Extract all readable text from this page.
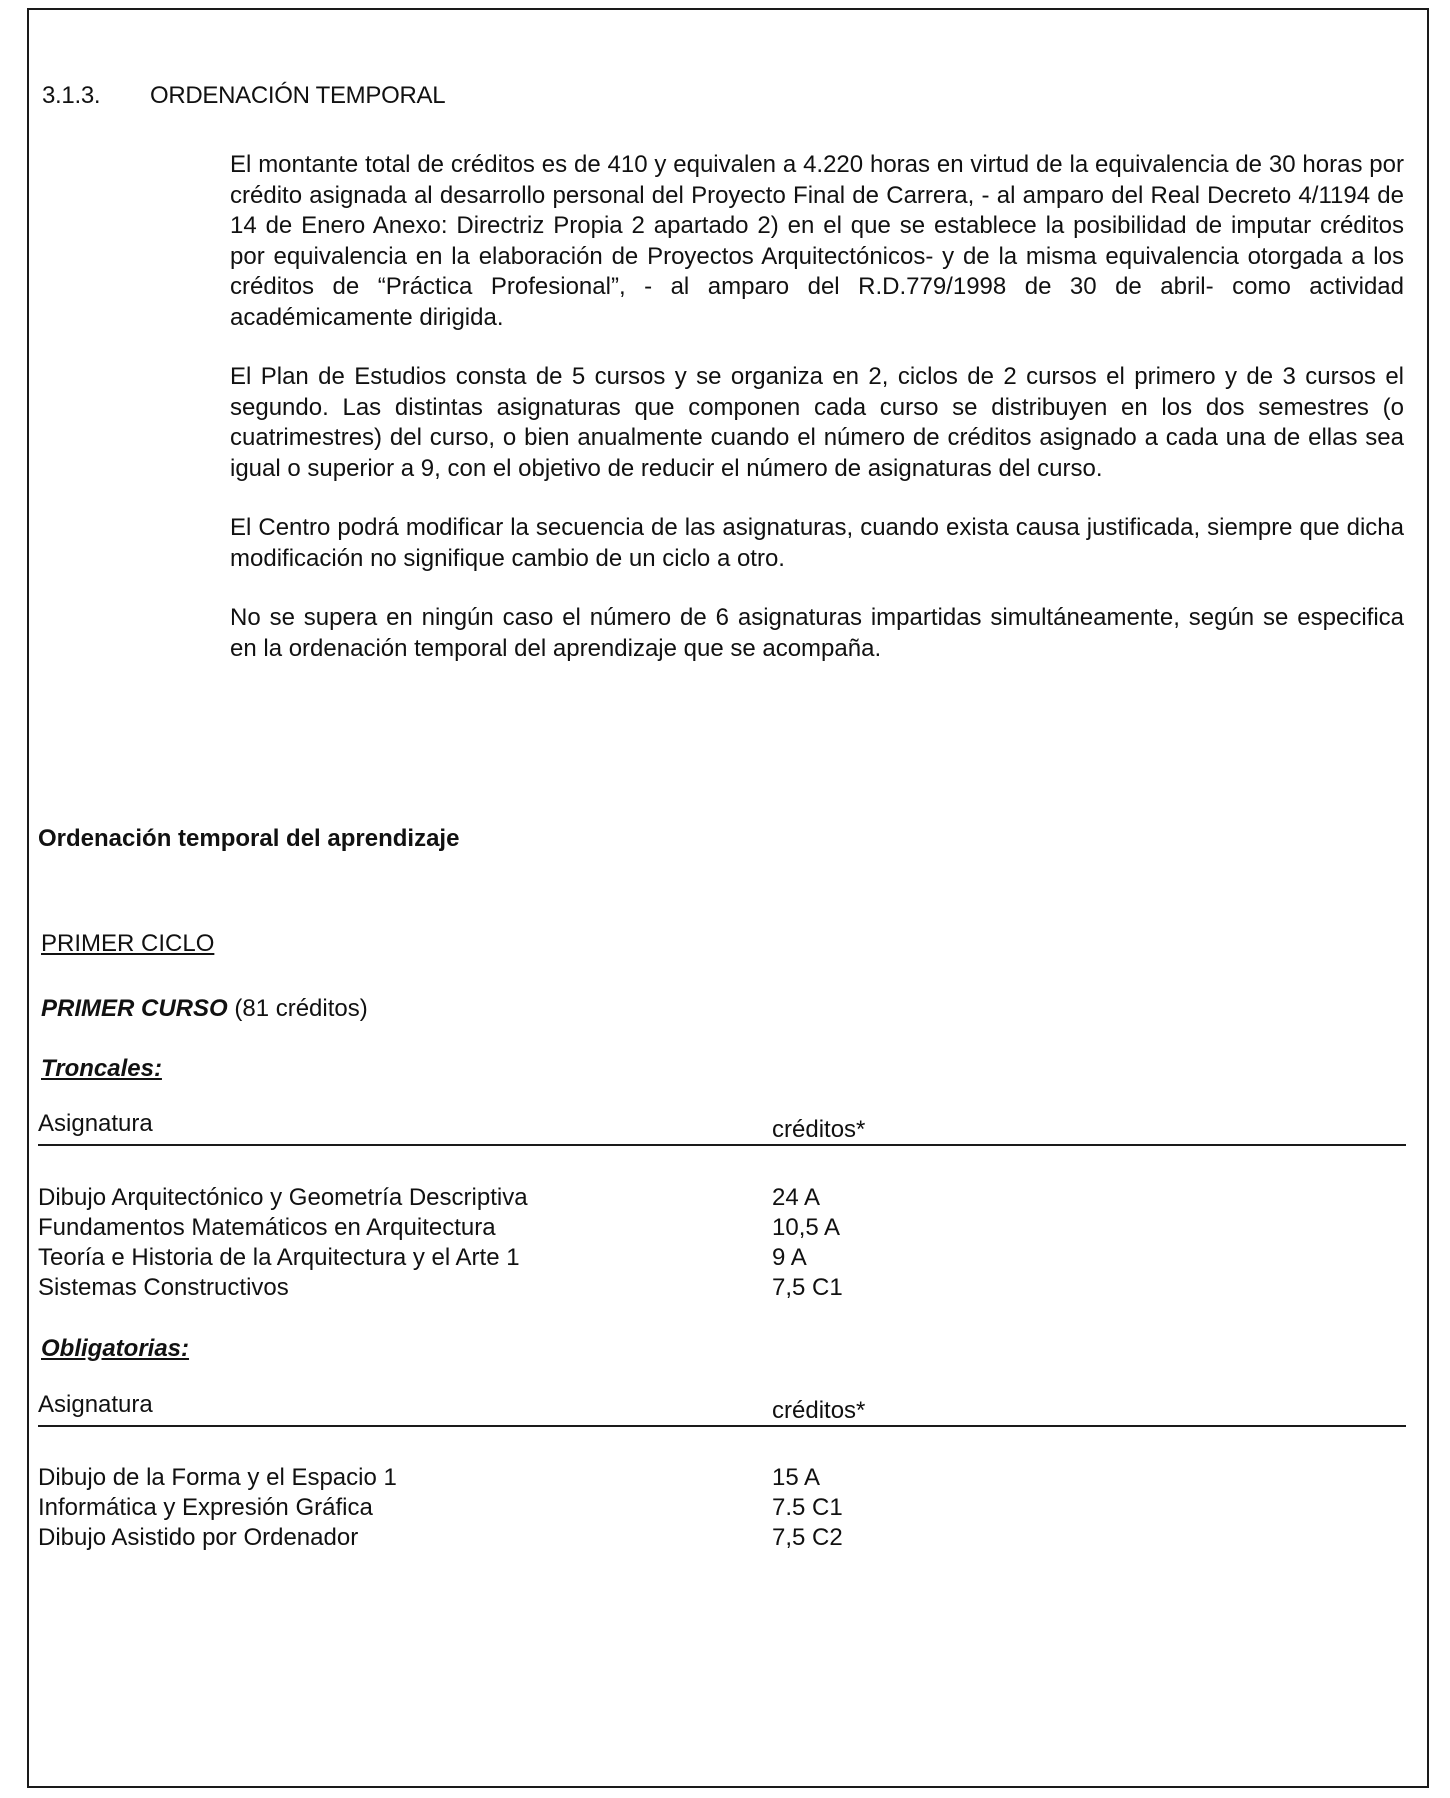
3.1.3. ORDENACIÓN TEMPORAL

El montante total de créditos es de 410 y equivalen a 4.220 horas en virtud de la equivalencia de 30 horas por crédito asignada al desarrollo personal del Proyecto Final de Carrera, - al amparo del Real Decreto 4/1194 de 14 de Enero Anexo: Directriz Propia 2 apartado 2) en el que se establece la posibilidad de imputar créditos por equivalencia en la elaboración de Proyectos Arquitectónicos- y de la misma equivalencia otorgada a los créditos de “Práctica Profesional”, - al amparo del R.D.779/1998 de 30 de abril- como actividad académicamente dirigida.

El Plan de Estudios consta de 5 cursos y se organiza en 2, ciclos de 2 cursos el primero y de 3 cursos el segundo. Las distintas asignaturas que componen cada curso se distribuyen en los dos semestres (o cuatrimestres) del curso, o bien anualmente cuando el número de créditos asignado a cada una de ellas sea igual o superior a 9, con el objetivo de reducir el número de asignaturas del curso.

El Centro podrá modificar la secuencia de las asignaturas, cuando exista causa justificada, siempre que dicha modificación no signifique cambio de un ciclo a otro.

No se supera en ningún caso el número de 6 asignaturas impartidas simultáneamente, según se especifica en la ordenación temporal del aprendizaje que se acompaña.

Ordenación temporal del aprendizaje
PRIMER CICLO
PRIMER CURSO (81 créditos)
Troncales:
Asignatura	créditos*
Dibujo Arquitectónico y Geometría Descriptiva	24 A
Fundamentos Matemáticos en Arquitectura	10,5 A
Teoría e Historia de la Arquitectura y el Arte 1	9 A
Sistemas Constructivos	7,5 C1
Obligatorias:
Asignatura	créditos*
Dibujo de la Forma y el Espacio 1	15 A
Informática y Expresión Gráfica	7.5 C1
Dibujo Asistido por Ordenador	7,5 C2
